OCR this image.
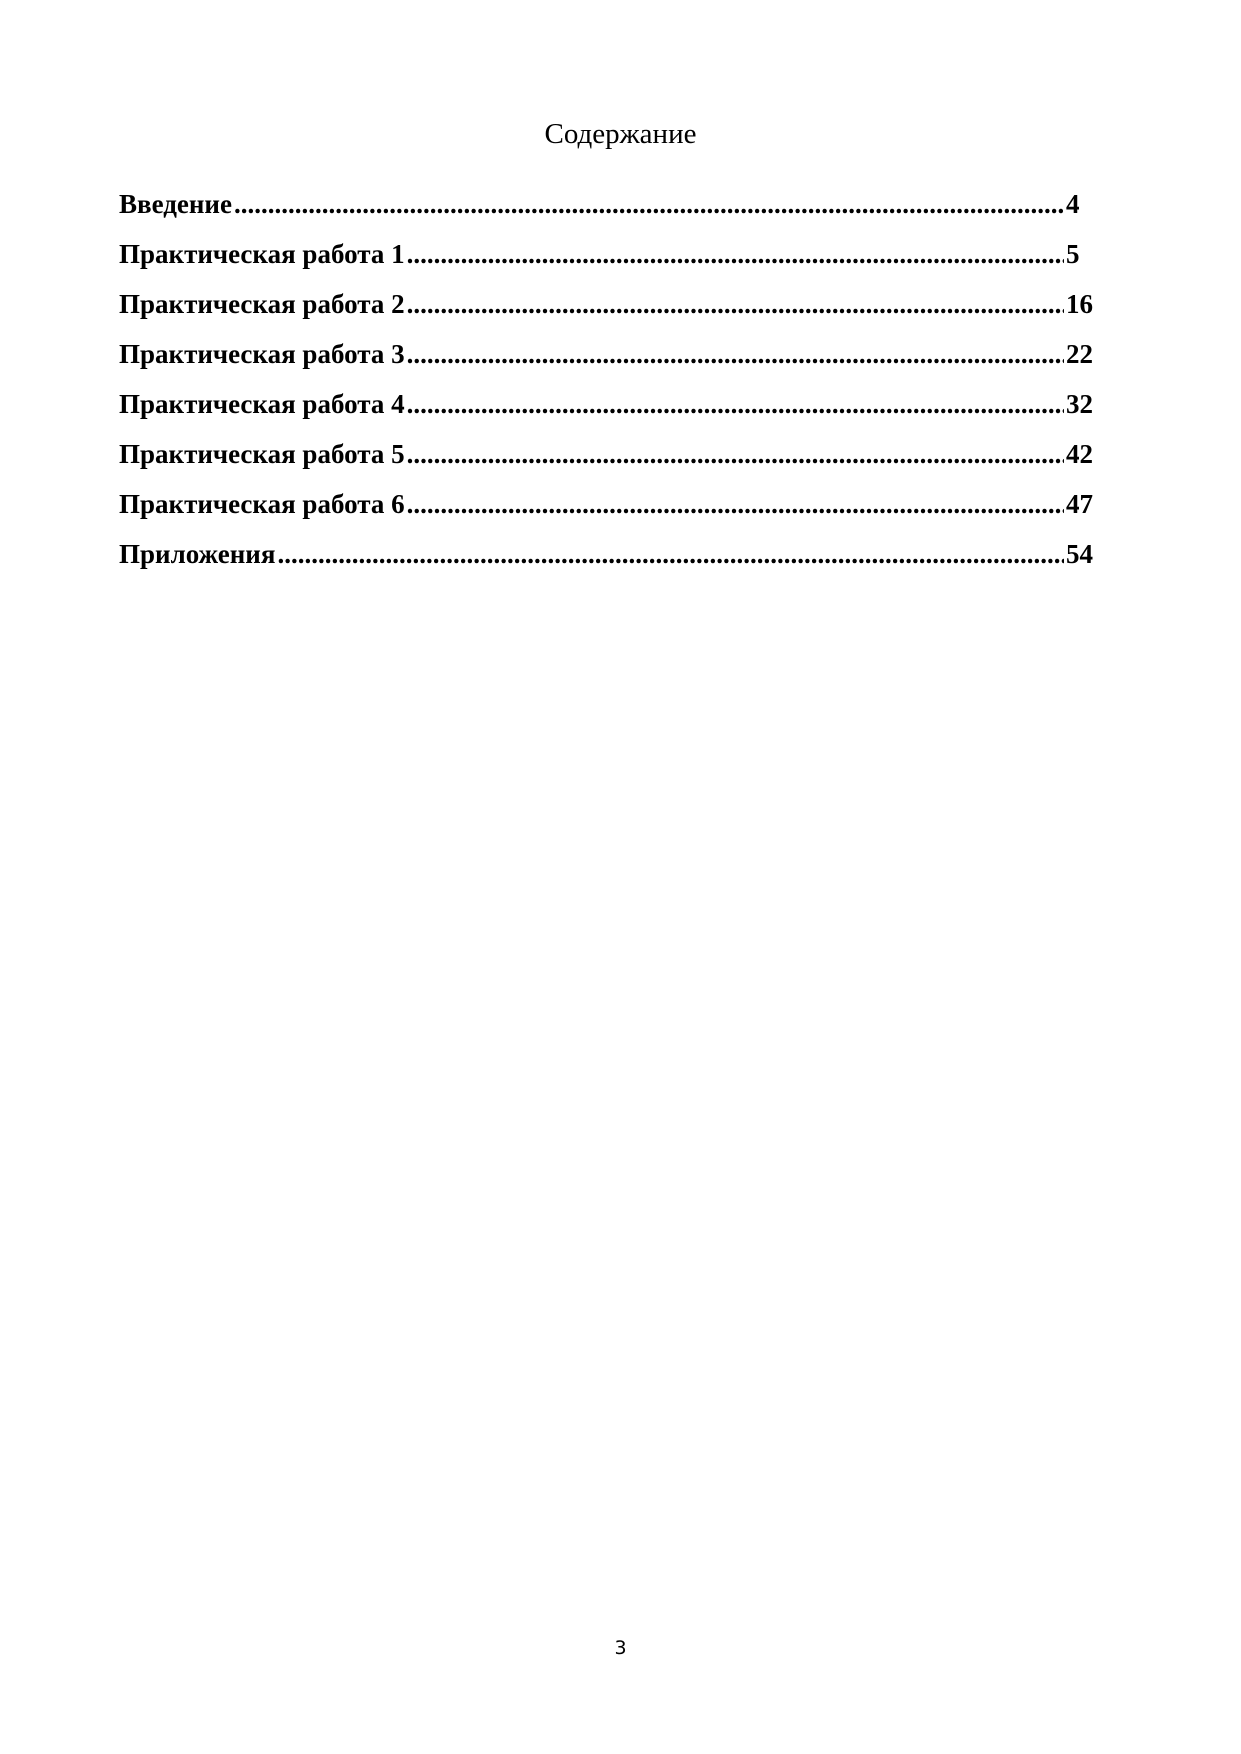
Содержание
Введение .....	4
Практическая работа 1 .....	5
Практическая работа 2 .....	16
Практическая работа 3 .....	22
Практическая работа 4 .....	32
Практическая работа 5 .....	42
Практическая работа 6 .....	47
Приложения .....	54
3
